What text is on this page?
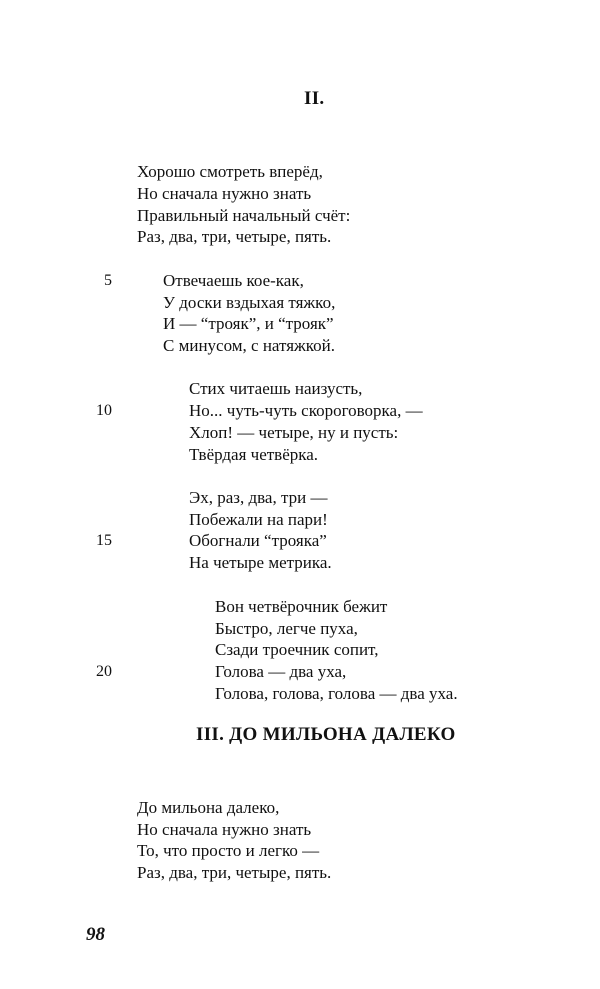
II.
Хорошо смотреть вперёд,
Но сначала нужно знать
Правильный начальный счёт:
Раз, два, три, четыре, пять.
5	Отвечаешь кое-как,
У доски вздыхая тяжко,
И — “трояк”, и “трояк”
С минусом, с натяжкой.
Стих читаешь наизусть,
10	Но... чуть-чуть скороговорка, —
Хлоп! — четыре, ну и пусть:
Твёрдая четвёрка.
Эх, раз, два, три —
Побежали на пари!
15	Обогнали “трояка”
На четыре метрика.
Вон четвёрочник бежит
Быстро, легче пуха,
Сзади троечник сопит,
20	Голова — два уха,
Голова, голова, голова — два уха.
III. ДО МИЛЬОНА ДАЛЕКО
До мильона далеко,
Но сначала нужно знать
То, что просто и легко —
Раз, два, три, четыре, пять.
98
